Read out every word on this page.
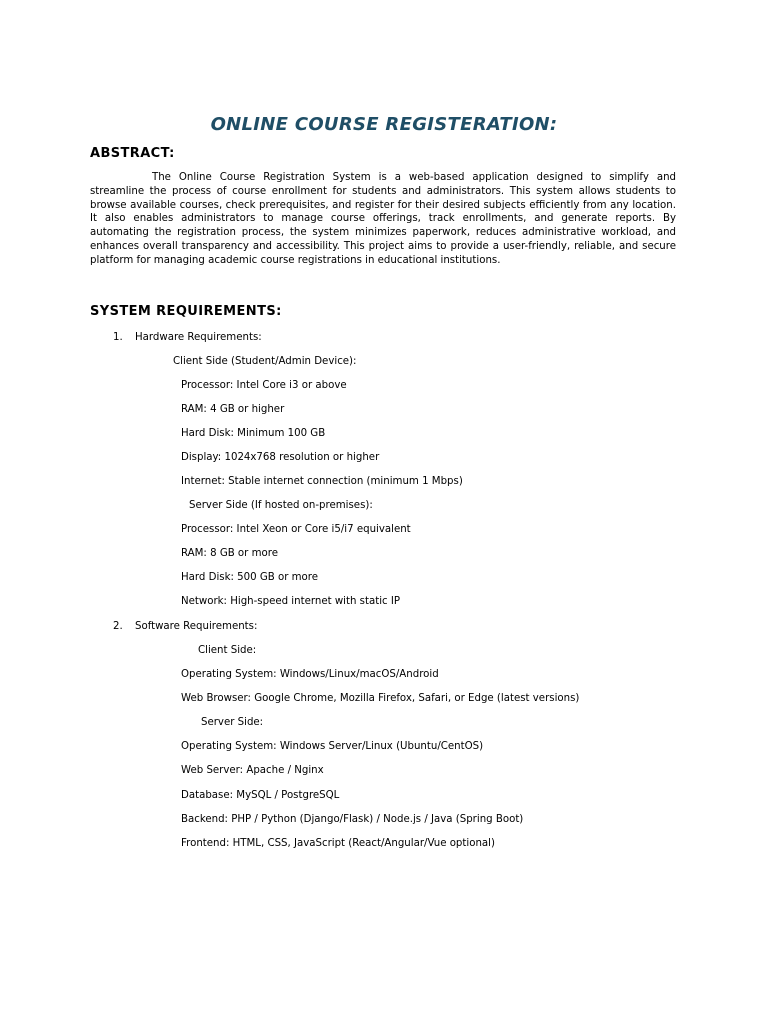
ONLINE COURSE REGISTERATION:
ABSTRACT:

The Online Course Registration System is a web-based application designed to simplify and streamline the process of course enrollment for students and administrators. This system allows students to browse available courses, check prerequisites, and register for their desired subjects efficiently from any location. It also enables administrators to manage course offerings, track enrollments, and generate reports. By automating the registration process, the system minimizes paperwork, reduces administrative workload, and enhances overall transparency and accessibility. This project aims to provide a user-friendly, reliable, and secure platform for managing academic course registrations in educational institutions.

SYSTEM REQUIREMENTS:
1. Hardware Requirements:
Client Side (Student/Admin Device):
Processor: Intel Core i3 or above
RAM: 4 GB or higher
Hard Disk: Minimum 100 GB
Display: 1024x768 resolution or higher
Internet: Stable internet connection (minimum 1 Mbps)
Server Side (If hosted on-premises):
Processor: Intel Xeon or Core i5/i7 equivalent
RAM: 8 GB or more
Hard Disk: 500 GB or more
Network: High-speed internet with static IP
2. Software Requirements:
Client Side:
Operating System: Windows/Linux/macOS/Android
Web Browser: Google Chrome, Mozilla Firefox, Safari, or Edge (latest versions)
Server Side:
Operating System: Windows Server/Linux (Ubuntu/CentOS)
Web Server: Apache / Nginx
Database: MySQL / PostgreSQL
Backend: PHP / Python (Django/Flask) / Node.js / Java (Spring Boot)
Frontend: HTML, CSS, JavaScript (React/Angular/Vue optional)
